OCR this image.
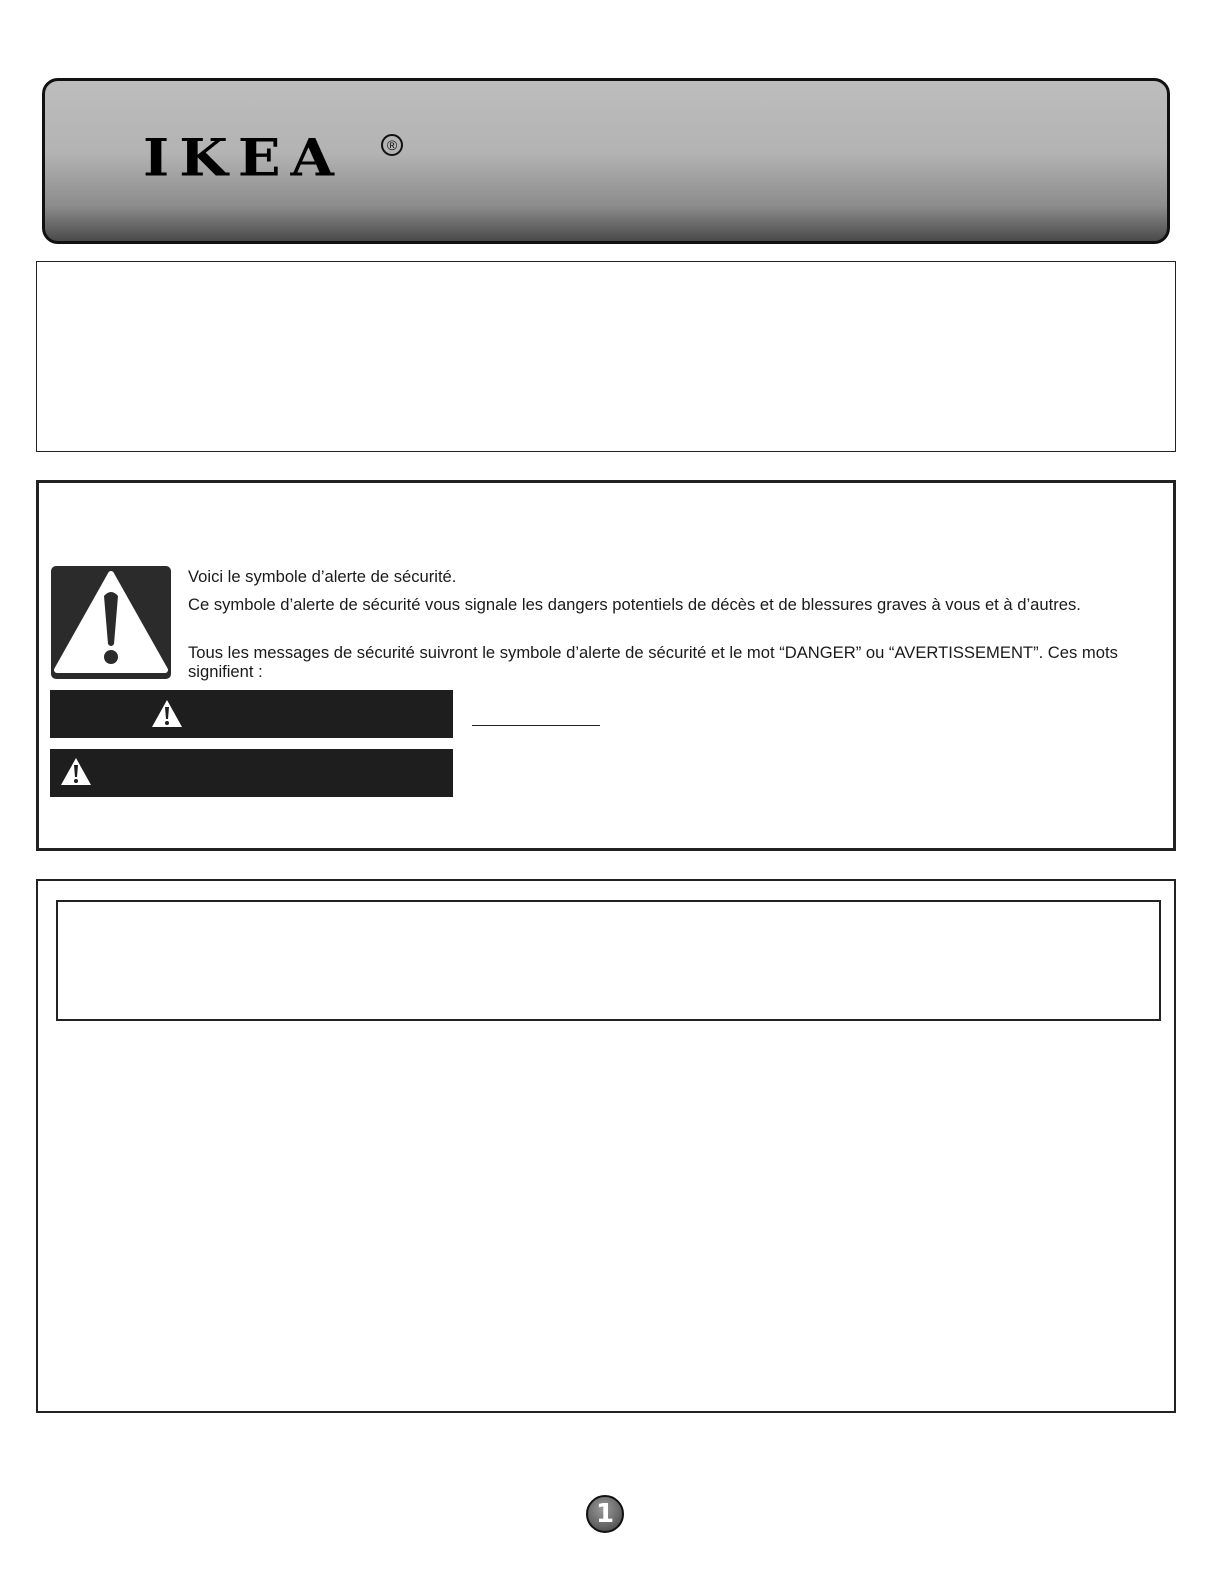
IKEA	®
Voici le symbole d’alerte de sécurité.
Ce symbole d’alerte de sécurité vous signale les dangers potentiels de décès et de blessures graves à vous et à d’autres.
Tous les messages de sécurité suivront le symbole d’alerte de sécurité et le mot “DANGER” ou “AVERTISSEMENT”. Ces mots signifient :
1
